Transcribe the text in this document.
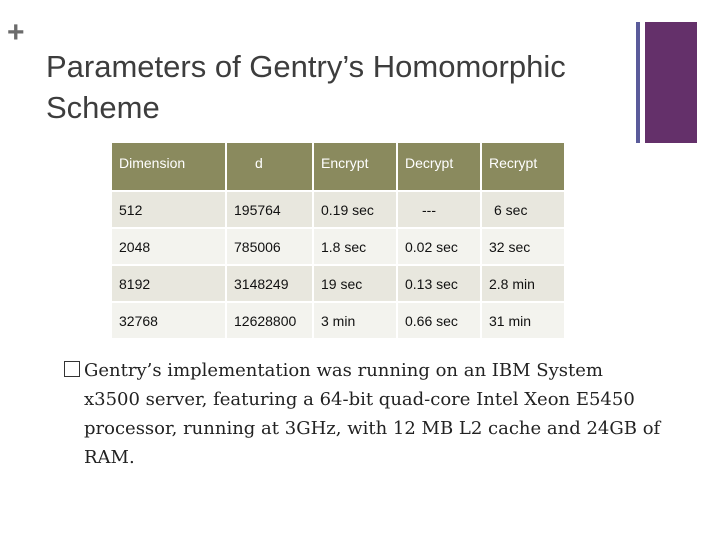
+
Parameters of Gentry’s Homomorphic Scheme
Dimension	d	Encrypt	Decrypt	Recrypt
512	195764	0.19 sec	---	6 sec
2048	785006	1.8 sec	0.02 sec	32 sec
8192	3148249	19 sec	0.13 sec	2.8 min
32768	12628800	3 min	0.66 sec	31 min
Gentry’s implementation was running on an IBM System x3500 server, featuring a 64-bit quad-core Intel Xeon E5450 processor, running at 3GHz, with 12 MB L2 cache and 24GB of RAM.
